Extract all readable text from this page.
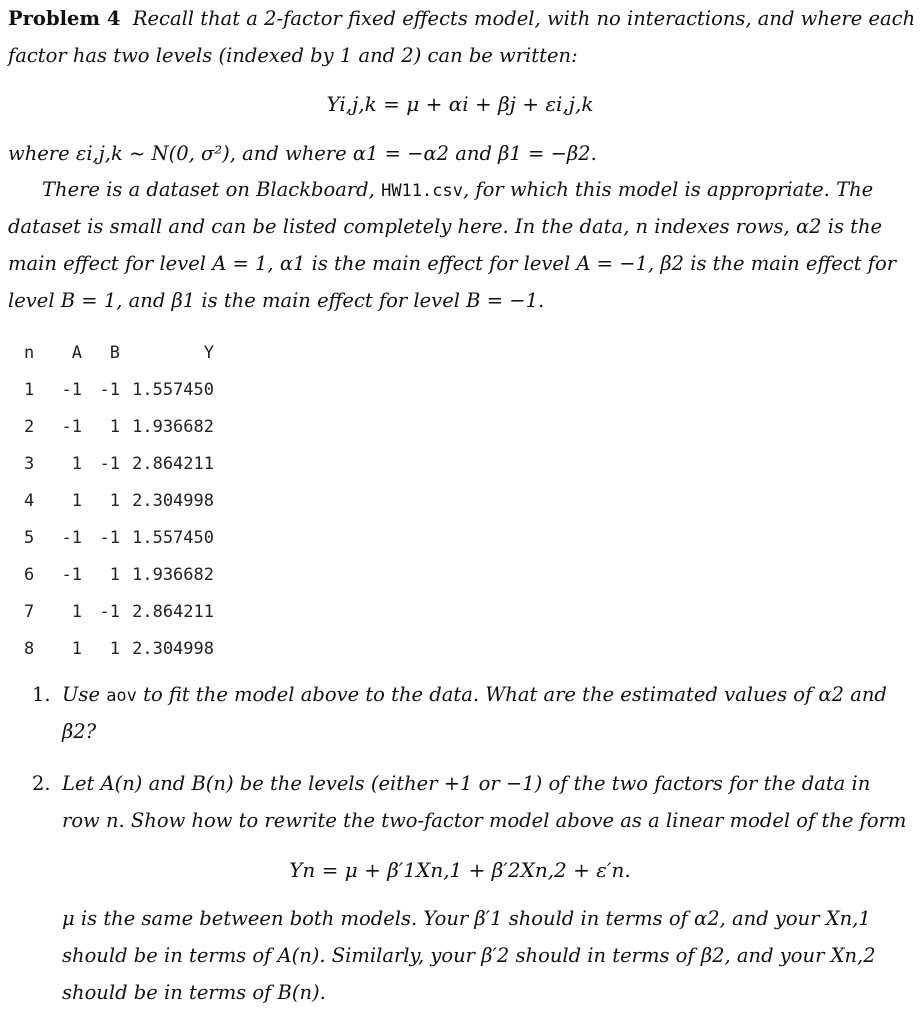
Problem 4 Recall that a 2-factor fixed effects model, with no interactions, and where each
factor has two levels (indexed by 1 and 2) can be written:
Yi,j,k = μ + αi + βj + εi,j,k
where εi,j,k ~ N(0, σ²), and where α1 = −α2 and β1 = −β2.
There is a dataset on Blackboard, HW11.csv, for which this model is appropriate. The
dataset is small and can be listed completely here. In the data, n indexes rows, α2 is the
main effect for level A = 1, α1 is the main effect for level A = −1, β2 is the main effect for
level B = 1, and β1 is the main effect for level B = −1.
n	A	B	Y
1	-1	-1	1.557450
2	-1	1	1.936682
3	1	-1	2.864211
4	1	1	2.304998
5	-1	-1	1.557450
6	-1	1	1.936682
7	1	-1	2.864211
8	1	1	2.304998
1. Use aov to fit the model above to the data. What are the estimated values of α2 and
β2?
2. Let A(n) and B(n) be the levels (either +1 or −1) of the two factors for the data in
row n. Show how to rewrite the two-factor model above as a linear model of the form
Yn = μ + β′1Xn,1 + β′2Xn,2 + ε′n.
μ is the same between both models. Your β′1 should in terms of α2, and your Xn,1
should be in terms of A(n). Similarly, your β′2 should in terms of β2, and your Xn,2
should be in terms of B(n).
